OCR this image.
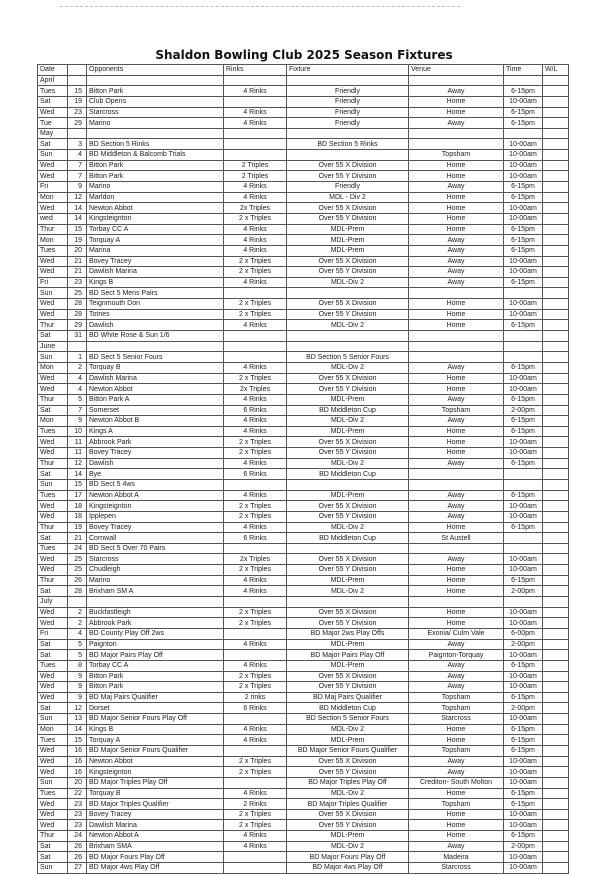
Shaldon Bowling Club 2025 Season Fixtures
Date		Opponents	Rinks	Fixture	Venue	Time	W/L
April							
Tues	15	Bitton Park	4 Rinks	Friendly	Away	6-15pm	
Sat	19	Club Opens		Friendly	Home	10-00am	
Wed	23	Starcross	4 Rinks	Friendly	Home	6-15pm	
Tue	29	Marino	4 Rinks	Friendly	Away	6-15pm	
May							
Sat	3	BD Section 5 Rinks		BD Section 5 Rinks		10-00am	
Sun	4	BD Middleton & Balcomb Trials			Topsham	10-00am	
Wed	7	Bitton Park	2 Triples	Over 55 X Division	Home	10-00am	
Wed	7	Bitton Park	2 Triples	Over 55 Y Division	Home	10-00am	
Fri	9	Marino	4 Rinks	Friendly	Away	6-15pm	
Mon	12	Marldon	4 Rinks	MDL - Div 2	Home	6-15pm	
Wed	14	Newton Abbot	2x Triples	Over 55 X Division	Home	10-00am	
wed	14	Kingsteignton	2 x Triples	Over 55 Y Division	Home	10-00am	
Thur	15	Torbay CC A	4 Rinks	MDL-Prem	Home	6-15pm	
Mon	19	Torquay A	4 Rinks	MDL-Prem	Away	6-15pm	
Tues	20	Marina	4 Rinks	MDL-Prem	Away	6-15pm	
Wed	21	Bovey Tracey	2 x Triples	Over 55 X Division	Away	10-00am	
Wed	21	Dawlish Marina	2 x Triples	Over 55 Y Division	Away	10-00am	
Fri	23	Kings B	4 Rinks	MDL-Div 2	Away	6-15pm	
Sun	25	BD Sect 5 Mens Pairs					
Wed	28	Teignmouth Don	2 x Triples	Over 55 X Division	Home	10-00am	
Wed	28	Totnes	2 x Triples	Over 55 Y Division	Home	10-00am	
Thur	29	Dawlish	4 Rinks	MDL-Div 2	Home	6-15pm	
Sat	31	BD White Rose & Sun 1/6					
June							
Sun	1	BD Sect 5 Senior Fours		BD Section 5 Senior Fours			
Mon	2	Torquay B	4 Rinks	MDL-Div 2	Away	6-15pm	
Wed	4	Dawlish Marina	2 x Triples	Over 55 X Division	Home	10-00am	
Wed	4	Newton Abbot	2x Triples	Over 55 Y Division	Home	10-00am	
Thur	5	Bitton Park A	4 Rinks	MDL-Prem	Away	6-15pm	
Sat	7	Somerset	6 Rinks	BD Middleton Cup	Topsham	2-00pm	
Mon	9	Newton Abbot B	4 Rinks	MDL-Div 2	Away	6-15pm	
Tues	10	Kings A	4 Rinks	MDL-Prem	Home	6-15pm	
Wed	11	Abbrook Park	2 x Triples	Over 55 X Division	Home	10-00am	
Wed	11	Bovey Tracey	2 x Triples	Over 55 Y Division	Home	10-00am	
Thur	12	Dawlish	4 Rinks	MDL-Div 2	Away	6-15pm	
Sat	14	Bye	6 Rinks	BD Middleton Cup			
Sun	15	BD Sect 5 4ws					
Tues	17	Newton Abbot A	4 Rinks	MDL-Prem	Away	6-15pm	
Wed	18	Kingsteignton	2 x Triples	Over 55 X Division	Away	10-00am	
Wed	18	Ipplepen	2 x Triples	Over 55 Y Division	Away	10-00am	
Thur	19	Bovey Tracey	4 Rinks	MDL-Div 2	Home	6-15pm	
Sat	21	Cornwall	6 Rinks	BD Middleton Cup	St Austell		
Tues	24	BD Sect 5 Over 70 Pairs					
Wed	25	Starcross	2x Triples	Over 55 X Division	Away	10-00am	
Wed	25	Chudleigh	2 x Triples	Over 55 Y Division	Home	10-00am	
Thur	26	Marino	4 Rinks	MDL-Prem	Home	6-15pm	
Sat	28	Brixham SM A	4 Rinks	MDL-Div 2	Home	2-00pm	
July							
Wed	2	Buckfastleigh	2 x Triples	Over 55 X Division	Home	10-00am	
Wed	2	Abbrook Park	2 x Triples	Over 55 Y Division	Home	10-00am	
Fri	4	BD County Play Off 2ws		BD Major 2ws Play Offs	Exonia/ Culm Vale	6-00pm	
Sat	5	Paignton	4 Rinks	MDL-Prem	Away	2-00pm	
Sat	5	BD Major Pairs Play Off		BD Major Pairs Play Off	Paignton-Torquay	10-00am	
Tues	8	Torbay CC A	4 Rinks	MDL-Prem	Away	6-15pm	
Wed	9	Bitton Park	2 x Triples	Over 55 X Division	Away	10-00am	
Wed	9	Bitton Park	2 x Triples	Over 55 Y Division	Away	10-00am	
Wed	9	BD Maj Pairs Qualifier	2 rinks	BD Maj Pairs Qualifier	Topsham	6-15pm	
Sat	12	Dorset	6 Rinks	BD Middleton Cup	Topsham	2-00pm	
Sun	13	BD Major Senior Fours Play Off		BD Section 5 Senior Fours	Starcross	10-00am	
Mon	14	Kings B	4 Rinks	MDL-Div 2	Home	6-15pm	
Tues	15	Torquay A	4 Rinks	MDL-Prem	Home	6-15pm	
Wed	16	BD Major Senior Fours Qualifier		BD Major Senior Fours Qualifier	Topsham	6-15pm	
Wed	16	Newton Abbot	2 x Triples	Over 55 X Division	Away	10-00am	
Wed	16	Kingsteignton	2 x Triples	Over 55 Y Division	Away	10-00am	
Sun	20	BD Major Triples Play Off		BD Major Triples Play Off	Crediton- South Molton	10-00am	
Tues	22	Torquay B	4 Rinks	MDL-Div 2	Home	6-15pm	
Wed	23	BD Major Triples Qualifier	2 Rinks	BD Major Triples Qualifier	Topsham	6-15pm	
Wed	23	Bovey Tracey	2 x Triples	Over 55 X Division	Home	10-00am	
Wed	23	Dawlish Marina	2 x Triples	Over 55 Y Division	Home	10-00am	
Thur	24	Newton Abbot A	4 Rinks	MDL-Prem	Home	6-15pm	
Sat	26	Brixham SMA	4 Rinks	MDL-Div 2	Away	2-00pm	
Sat	26	BD Major Fours Play Off		BD Major Fours Play Off	Madeira	10-00am	
Sun	27	BD Major 4ws Play Off		BD Major 4ws Play Off	Starcross	10-00am	
